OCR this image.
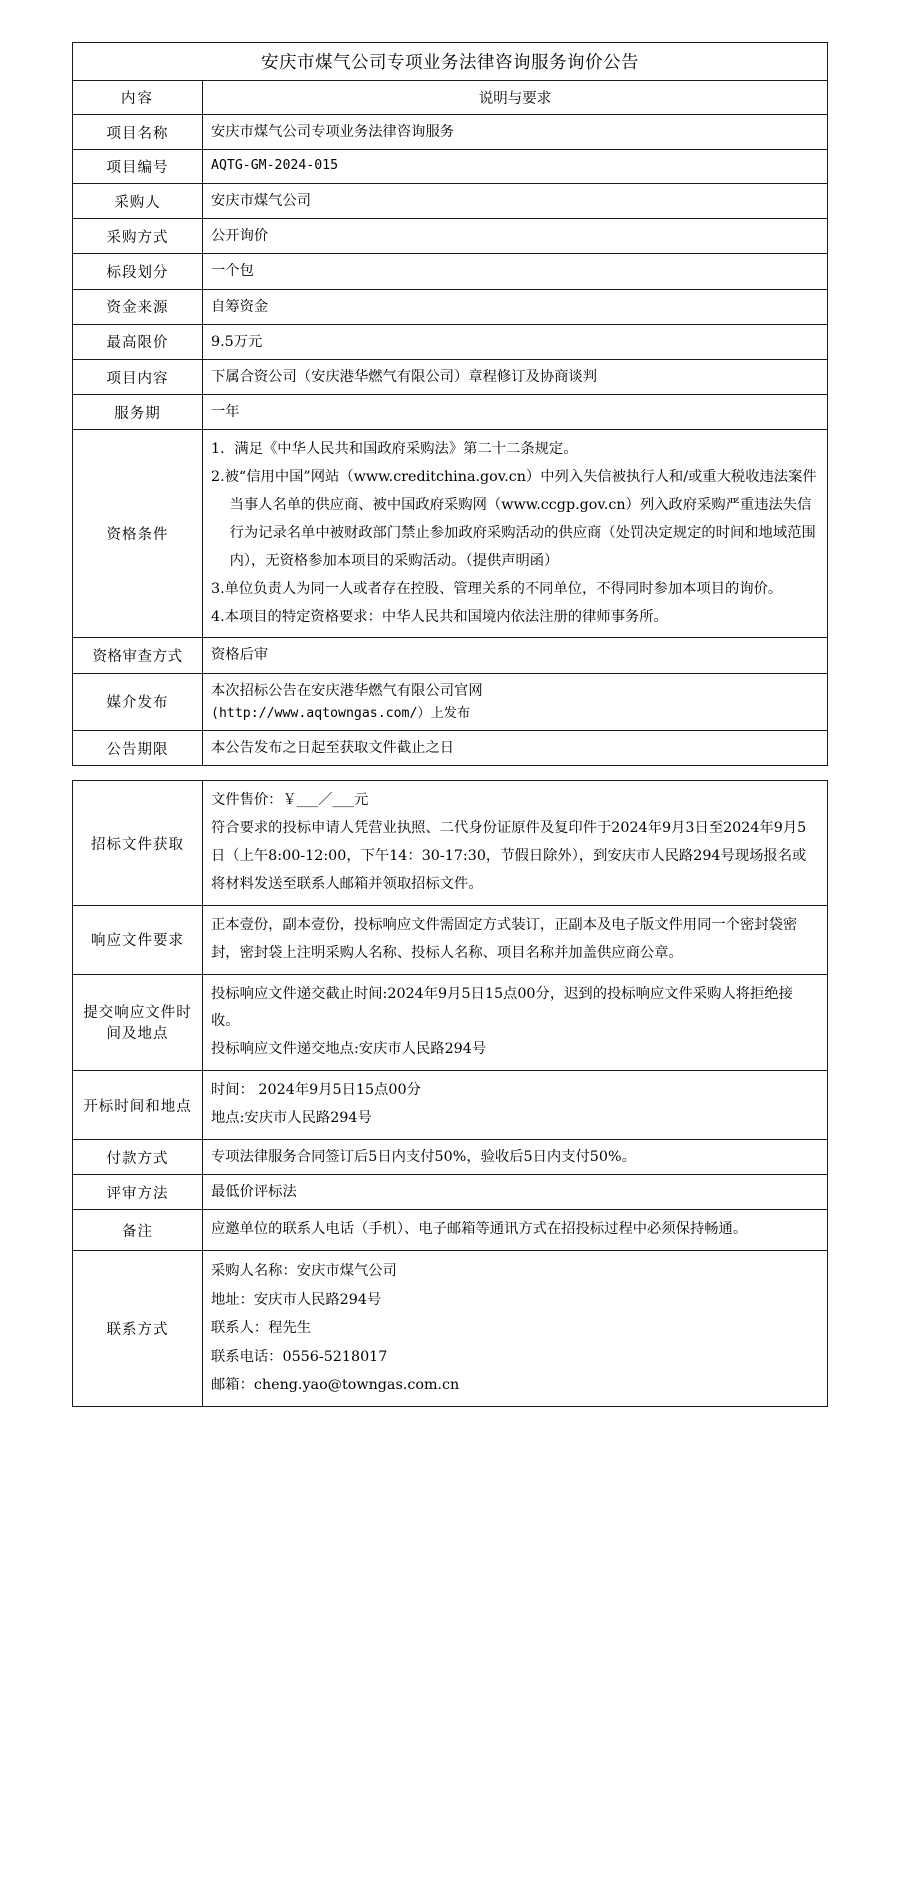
安庆市煤气公司专项业务法律咨询服务询价公告	
内容	说明与要求
项目名称	安庆市煤气公司专项业务法律咨询服务
项目编号	AQTG-GM-2024-015
采购人	安庆市煤气公司
采购方式	公开询价
标段划分	一个包
资金来源	自筹资金
最高限价	9.5万元
项目内容	下属合资公司（安庆港华燃气有限公司）章程修订及协商谈判
服务期	一年
资格条件	1．满足《中华人民共和国政府采购法》第二十二条规定。

2.被“信用中国”网站（www.creditchina.gov.cn）中列入失信被执行人和/或重大税收违法案件当事人名单的供应商、被中国政府采购网（www.ccgp.gov.cn）列入政府采购严重违法失信行为记录名单中被财政部门禁止参加政府采购活动的供应商（处罚决定规定的时间和地域范围内），无资格参加本项目的采购活动。（提供声明函）

3.单位负责人为同一人或者存在控股、管理关系的不同单位，不得同时参加本项目的询价。

4.本项目的特定资格要求：中华人民共和国境内依法注册的律师事务所。

资格审查方式	资格后审
媒介发布	本次招标公告在安庆港华燃气有限公司官网

(http://www.aqtowngas.com/）上发布

公告期限	本公告发布之日起至获取文件截止之日
招标文件获取	文件售价：￥___／___元

符合要求的投标申请人凭营业执照、二代身份证原件及复印件于2024年9月3日至2024年9月5日（上午8:00-12:00，下午14：30-17:30，节假日除外），到安庆市人民路294号现场报名或将材料发送至联系人邮箱并领取招标文件。

响应文件要求	正本壹份，副本壹份，投标响应文件需固定方式装订，正副本及电子版文件用同一个密封袋密封，密封袋上注明采购人名称、投标人名称、项目名称并加盖供应商公章。

提交响应文件时间及地点	投标响应文件递交截止时间:2024年9月5日15点00分，迟到的投标响应文件采购人将拒绝接收。

投标响应文件递交地点:安庆市人民路294号

开标时间和地点	时间： 2024年9月5日15点00分

地点:安庆市人民路294号

付款方式	专项法律服务合同签订后5日内支付50%，验收后5日内支付50%。
评审方法	最低价评标法
备注	应邀单位的联系人电话（手机）、电子邮箱等通讯方式在招投标过程中必须保持畅通。

联系方式	采购人名称：安庆市煤气公司

地址：安庆市人民路294号

联系人：程先生

联系电话：0556-5218017

邮箱：cheng.yao@towngas.com.cn
